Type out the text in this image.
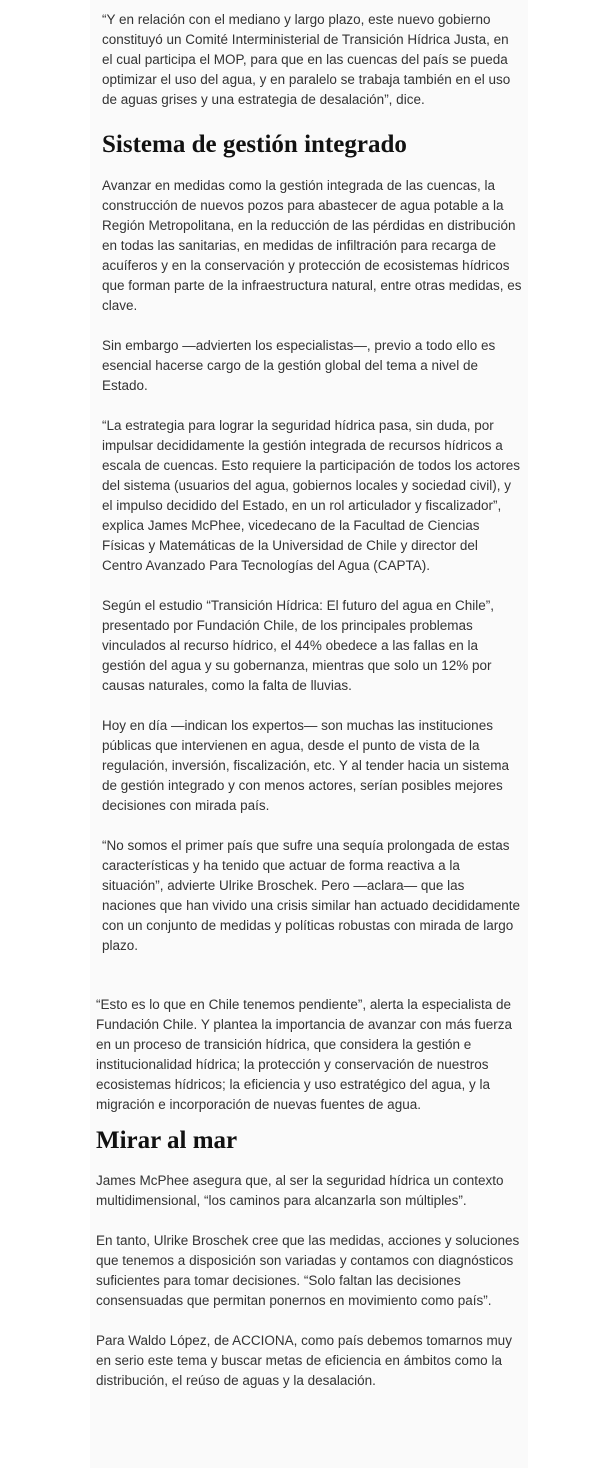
“Y en relación con el mediano y largo plazo, este nuevo gobierno constituyó un Comité Interministerial de Transición Hídrica Justa, en el cual participa el MOP, para que en las cuencas del país se pueda optimizar el uso del agua, y en paralelo se trabaja también en el uso de aguas grises y una estrategia de desalación”, dice.

Sistema de gestión integrado

Avanzar en medidas como la gestión integrada de las cuencas, la construcción de nuevos pozos para abastecer de agua potable a la Región Metropolitana, en la reducción de las pérdidas en distribución en todas las sanitarias, en medidas de infiltración para recarga de acuíferos y en la conservación y protección de ecosistemas hídricos que forman parte de la infraestructura natural, entre otras medidas, es clave.

Sin embargo —advierten los especialistas—, previo a todo ello es esencial hacerse cargo de la gestión global del tema a nivel de Estado.

“La estrategia para lograr la seguridad hídrica pasa, sin duda, por impulsar decididamente la gestión integrada de recursos hídricos a escala de cuencas. Esto requiere la participación de todos los actores del sistema (usuarios del agua, gobiernos locales y sociedad civil), y el impulso decidido del Estado, en un rol articulador y fiscalizador”, explica James McPhee, vicedecano de la Facultad de Ciencias Físicas y Matemáticas de la Universidad de Chile y director del Centro Avanzado Para Tecnologías del Agua (CAPTA).

Según el estudio “Transición Hídrica: El futuro del agua en Chile”, presentado por Fundación Chile, de los principales problemas vinculados al recurso hídrico, el 44% obedece a las fallas en la gestión del agua y su gobernanza, mientras que solo un 12% por causas naturales, como la falta de lluvias.

Hoy en día —indican los expertos— son muchas las instituciones públicas que intervienen en agua, desde el punto de vista de la regulación, inversión, fiscalización, etc. Y al tender hacia un sistema de gestión integrado y con menos actores, serían posibles mejores decisiones con mirada país.

“No somos el primer país que sufre una sequía prolongada de estas características y ha tenido que actuar de forma reactiva a la situación”, advierte Ulrike Broschek. Pero —aclara— que las naciones que han vivido una crisis similar han actuado decididamente con un conjunto de medidas y políticas robustas con mirada de largo plazo.

“Esto es lo que en Chile tenemos pendiente”, alerta la especialista de Fundación Chile. Y plantea la importancia de avanzar con más fuerza en un proceso de transición hídrica, que considera la gestión e institucionalidad hídrica; la protección y conservación de nuestros ecosistemas hídricos; la eficiencia y uso estratégico del agua, y la migración e incorporación de nuevas fuentes de agua.

Mirar al mar

James McPhee asegura que, al ser la seguridad hídrica un contexto multidimensional, “los caminos para alcanzarla son múltiples”.

En tanto, Ulrike Broschek cree que las medidas, acciones y soluciones que tenemos a disposición son variadas y contamos con diagnósticos suficientes para tomar decisiones. “Solo faltan las decisiones consensuadas que permitan ponernos en movimiento como país”.

Para Waldo López, de ACCIONA, como país debemos tomarnos muy en serio este tema y buscar metas de eficiencia en ámbitos como la distribución, el reúso de aguas y la desalación.
